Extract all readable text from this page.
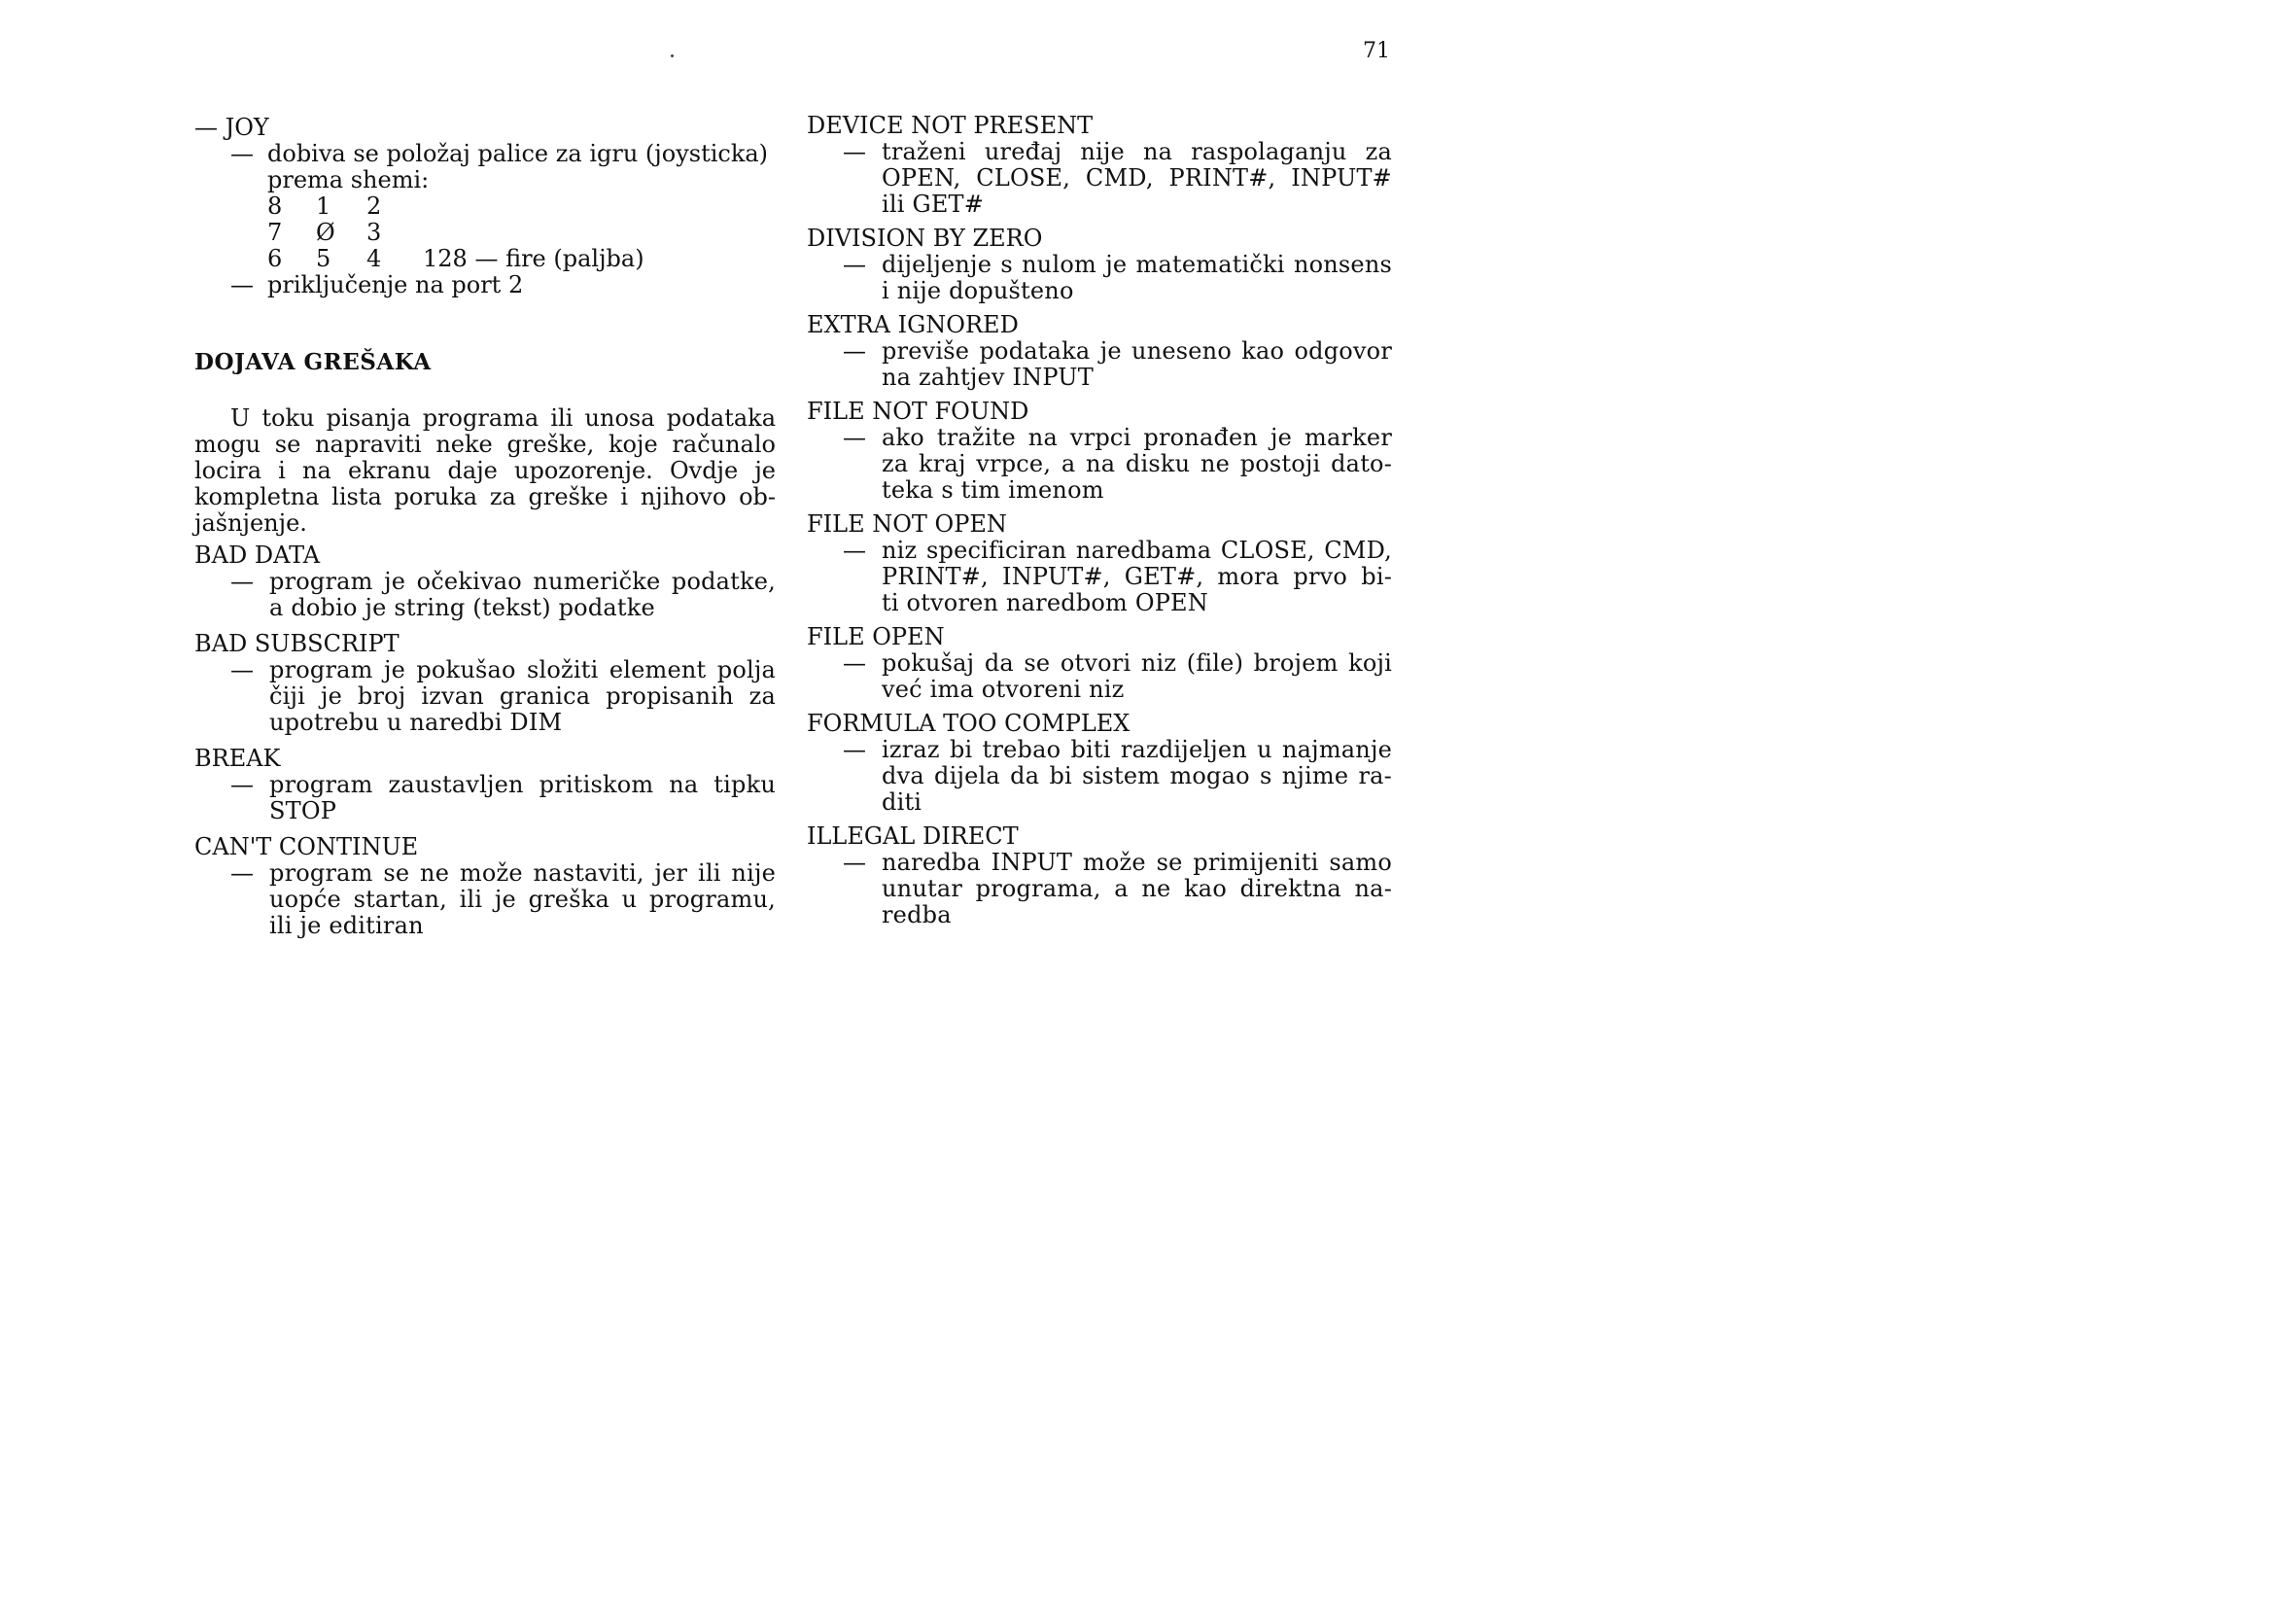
71
— JOY
— dobiva se položaj palice za igru (joysticka)
prema shemi:
8	1	2
7	Ø	3
6	5	4	128 — fire (paljba)
— priključenje na port 2
DOJAVA GREŠAKA
U toku pisanja programa ili unosa podataka
mogu se napraviti neke greške, koje računalo
locira i na ekranu daje upozorenje. Ovdje je
kompletna lista poruka za greške i njihovo ob-
jašnjenje.
BAD DATA
— program je očekivao numeričke podatke,
a dobio je string (tekst) podatke
BAD SUBSCRIPT
— program je pokušao složiti element polja
čiji je broj izvan granica propisanih za
upotrebu u naredbi DIM
BREAK
— program zaustavljen pritiskom na tipku
STOP
CAN'T CONTINUE
— program se ne može nastaviti, jer ili nije
uopće startan, ili je greška u programu,
ili je editiran
DEVICE NOT PRESENT
— traženi uređaj nije na raspolaganju za
OPEN, CLOSE, CMD, PRINT#, INPUT#
ili GET#
DIVISION BY ZERO
— dijeljenje s nulom je matematički nonsens
i nije dopušteno
EXTRA IGNORED
— previše podataka je uneseno kao odgovor
na zahtjev INPUT
FILE NOT FOUND
— ako tražite na vrpci pronađen je marker
za kraj vrpce, a na disku ne postoji dato-
teka s tim imenom
FILE NOT OPEN
— niz specificiran naredbama CLOSE, CMD,
PRINT#, INPUT#, GET#, mora prvo bi-
ti otvoren naredbom OPEN
FILE OPEN
— pokušaj da se otvori niz (file) brojem koji
već ima otvoreni niz
FORMULA TOO COMPLEX
— izraz bi trebao biti razdijeljen u najmanje
dva dijela da bi sistem mogao s njime ra-
diti
ILLEGAL DIRECT
— naredba INPUT može se primijeniti samo
unutar programa, a ne kao direktna na-
redba
